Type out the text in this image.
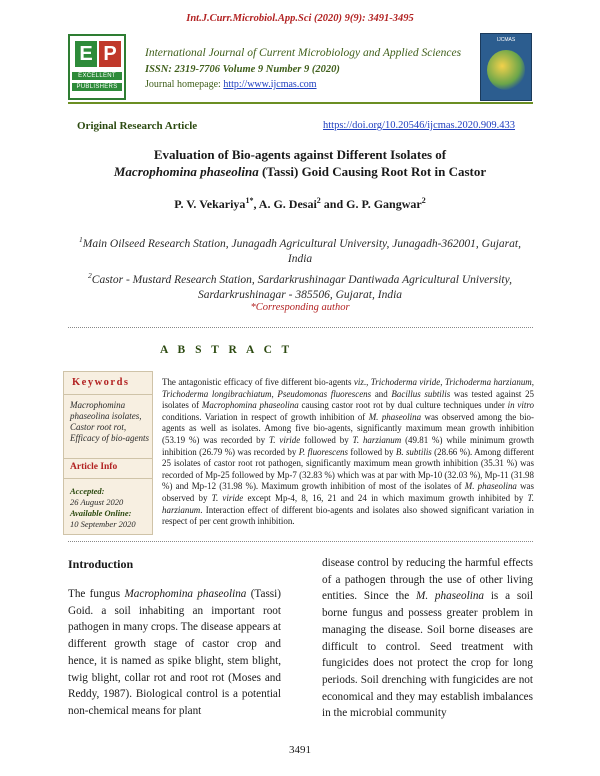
Int.J.Curr.Microbiol.App.Sci (2020) 9(9): 3491-3495
E P
EXCELLENT
PUBLISHERS
International Journal of Current Microbiology and Applied Sciences
ISSN: 2319-7706 Volume 9 Number 9 (2020)
Journal homepage: http://www.ijcmas.com
IJCMAS
Original Research Article	https://doi.org/10.20546/ijcmas.2020.909.433
Evaluation of Bio-agents against Different Isolates of
Macrophomina phaseolina (Tassi) Goid Causing Root Rot in Castor
P. V. Vekariya$^{1*}$, A. G. Desai$^2$ and G. P. Gangwar$^2$
$^1$Main Oilseed Research Station, Junagadh Agricultural University, Junagadh-362001, Gujarat, India
$^2$Castor - Mustard Research Station, Sardarkrushinagar Dantiwada Agricultural University, Sardarkrushinagar - 385506, Gujarat, India
*Corresponding author
A B S T R A C T
Keywords
Macrophomina phaseolina isolates, Castor root rot, Efficacy of bio-agents
Article Info
Accepted:
26 August 2020
Available Online:
10 September 2020
The antagonistic efficacy of five different bio-agents viz., Trichoderma viride, Trichoderma harzianum, Trichoderma longibrachiatum, Pseudomonas fluorescens and Bacillus subtilis was tested against 25 isolates of Macrophomina phaseolina causing castor root rot by dual culture techniques under in vitro conditions. Variation in respect of growth inhibition of M. phaseolina was observed among the bio-agents as well as isolates. Among five bio-agents, significantly maximum mean growth inhibition (53.19 %) was recorded by T. viride followed by T. harzianum (49.81 %) while minimum growth inhibition (26.79 %) was recorded by P. fluorescens followed by B. subtilis (28.66 %). Among different 25 isolates of castor root rot pathogen, significantly maximum mean growth inhibition (35.31 %) was recorded of Mp-25 followed by Mp-7 (32.83 %) which was at par with Mp-10 (32.03 %), Mp-11 (31.98 %) and Mp-12 (31.98 %). Maximum growth inhibition of most of the isolates of M. phaseolina was observed by T. viride except Mp-4, 8, 16, 21 and 24 in which maximum growth inhibited by T. harzianum. Interaction effect of different bio-agents and isolates also showed significant variation in respect of per cent growth inhibition.
Introduction
The fungus Macrophomina phaseolina (Tassi) Goid. a soil inhabiting an important root pathogen in many crops. The disease appears at different growth stage of castor crop and hence, it is named as spike blight, stem blight, twig blight, collar rot and root rot (Moses and Reddy, 1987). Biological control is a potential non-chemical means for plant
disease control by reducing the harmful effects of a pathogen through the use of other living entities. Since the M. phaseolina is a soil borne fungus and possess greater problem in managing the disease. Soil borne diseases are difficult to control. Seed treatment with fungicides does not protect the crop for long periods. Soil drenching with fungicides are not economical and they may establish imbalances in the microbial community
3491
